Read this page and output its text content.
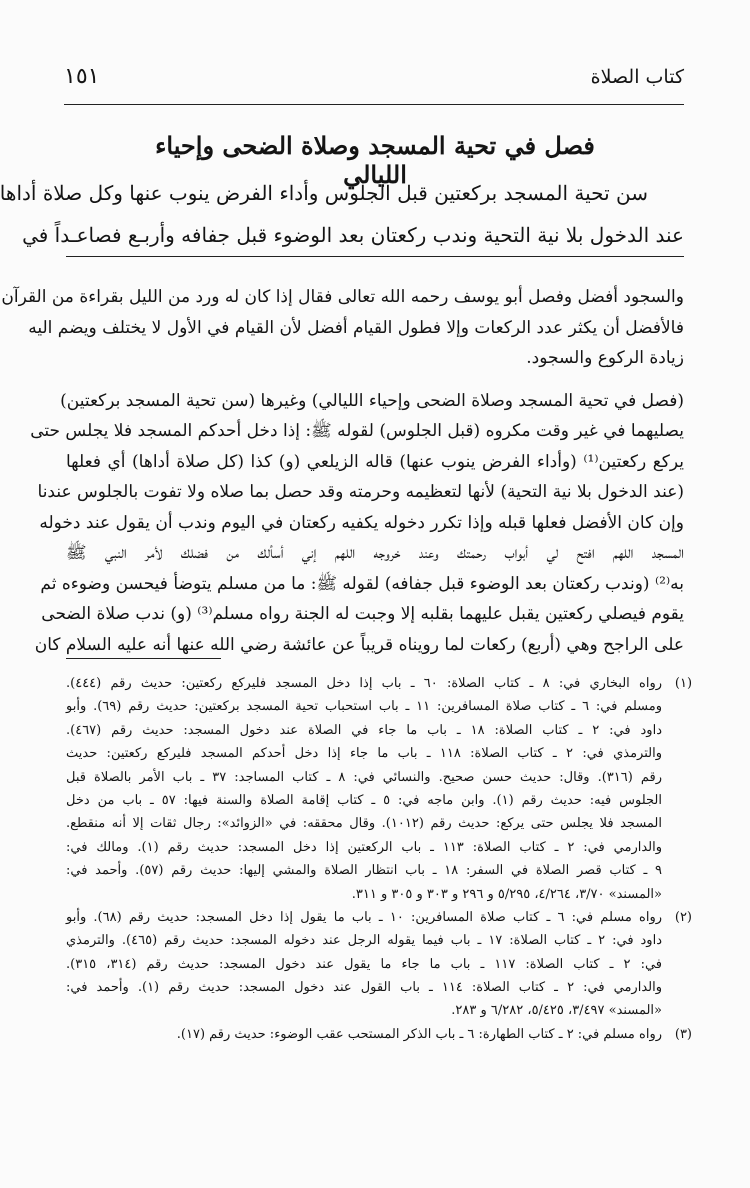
كتاب الصلاة
١٥١
فصل في تحية المسجد وصلاة الضحى وإحياء الليالي
سن تحية المسجد بركعتين قبل الجلوس وأداء الفرض ينوب عنها وكل صلاة أداها
عند الدخول بلا نية التحية وندب ركعتان بعد الوضوء قبل جفافه وأربـع فصاعـداً في
والسجود أفضل وفصل أبو يوسف رحمه الله تعالى فقال إذا كان له ورد من الليل بقراءة من القرآن
فالأفضل أن يكثر عدد الركعات وإلا فطول القيام أفضل لأن القيام في الأول لا يختلف ويضم اليه
زيادة الركوع والسجود.
(فصل في تحية المسجد وصلاة الضحى وإحياء الليالي) وغيرها (سن تحية المسجد بركعتين)
يصليهما في غير وقت مكروه (قبل الجلوس) لقوله ﷺ: إذا دخل أحدكم المسجد فلا يجلس حتى
يركع ركعتين⁽¹⁾ (وأداء الفرض ينوب عنها) قاله الزيلعي (و) كذا (كل صلاة أداها) أي فعلها
(عند الدخول بلا نية التحية) لأنها لتعظيمه وحرمته وقد حصل بما صلاه ولا تفوت بالجلوس عندنا
وإن كان الأفضل فعلها قبله وإذا تكرر دخوله يكفيه ركعتان في اليوم وندب أن يقول عند دخوله
المسجد اللهم افتح لي أبواب رحمتك وعند خروجه اللهم إني أسألك من فضلك لأمر النبي ﷺ
به⁽²⁾ (وندب ركعتان بعد الوضوء قبل جفافه) لقوله ﷺ: ما من مسلم يتوضأ فيحسن وضوءه ثم
يقوم فيصلي ركعتين يقبل عليهما بقلبه إلا وجبت له الجنة رواه مسلم⁽³⁾ (و) ندب صلاة الضحى
على الراجح وهي (أربع) ركعات لما رويناه قريباً عن عائشة رضي الله عنها أنه عليه السلام كان
(١)رواه البخاري في: ٨ ـ كتاب الصلاة: ٦٠ ـ باب إذا دخل المسجد فليركع ركعتين: حديث رقم (٤٤٤).
ومسلم في: ٦ ـ كتاب صلاة المسافرين: ١١ ـ باب استحباب تحية المسجد بركعتين: حديث رقم (٦٩). وأبو
داود في: ٢ ـ كتاب الصلاة: ١٨ ـ باب ما جاء في الصلاة عند دخول المسجد: حديث رقم (٤٦٧).
والترمذي في: ٢ ـ كتاب الصلاة: ١١٨ ـ باب ما جاء إذا دخل أحدكم المسجد فليركع ركعتين: حديث
رقم (٣١٦). وقال: حديث حسن صحيح. والنسائي في: ٨ ـ كتاب المساجد: ٣٧ ـ باب الأمر بالصلاة قبل
الجلوس فيه: حديث رقم (١). وابن ماجه في: ٥ ـ كتاب إقامة الصلاة والسنة فيها: ٥٧ ـ باب من دخل
المسجد فلا يجلس حتى يركع: حديث رقم (١٠١٢). وقال محققه: في «الزوائد»: رجال ثقات إلا أنه منقطع.
والدارمي في: ٢ ـ كتاب الصلاة: ١١٣ ـ باب الركعتين إذا دخل المسجد: حديث رقم (١). ومالك في:
٩ ـ كتاب قصر الصلاة في السفر: ١٨ ـ باب انتظار الصلاة والمشي إليها: حديث رقم (٥٧). وأحمد في:
«المسند» ٣/٧٠، ٤/٢٦٤، ٥/٢٩٥ و ٢٩٦ و ٣٠٣ و ٣٠٥ و ٣١١.
(٢)رواه مسلم في: ٦ ـ كتاب صلاة المسافرين: ١٠ ـ باب ما يقول إذا دخل المسجد: حديث رقم (٦٨). وأبو
داود في: ٢ ـ كتاب الصلاة: ١٧ ـ باب فيما يقوله الرجل عند دخوله المسجد: حديث رقم (٤٦٥). والترمذي
في: ٢ ـ كتاب الصلاة: ١١٧ ـ باب ما جاء ما يقول عند دخول المسجد: حديث رقم (٣١٤، ٣١٥).
والدارمي في: ٢ ـ كتاب الصلاة: ١١٤ ـ باب القول عند دخول المسجد: حديث رقم (١). وأحمد في:
«المسند» ٣/٤٩٧، ٥/٤٢٥، ٦/٢٨٢ و ٢٨٣.
(٣)رواه مسلم في: ٢ ـ كتاب الطهارة: ٦ ـ باب الذكر المستحب عقب الوضوء: حديث رقم (١٧).
